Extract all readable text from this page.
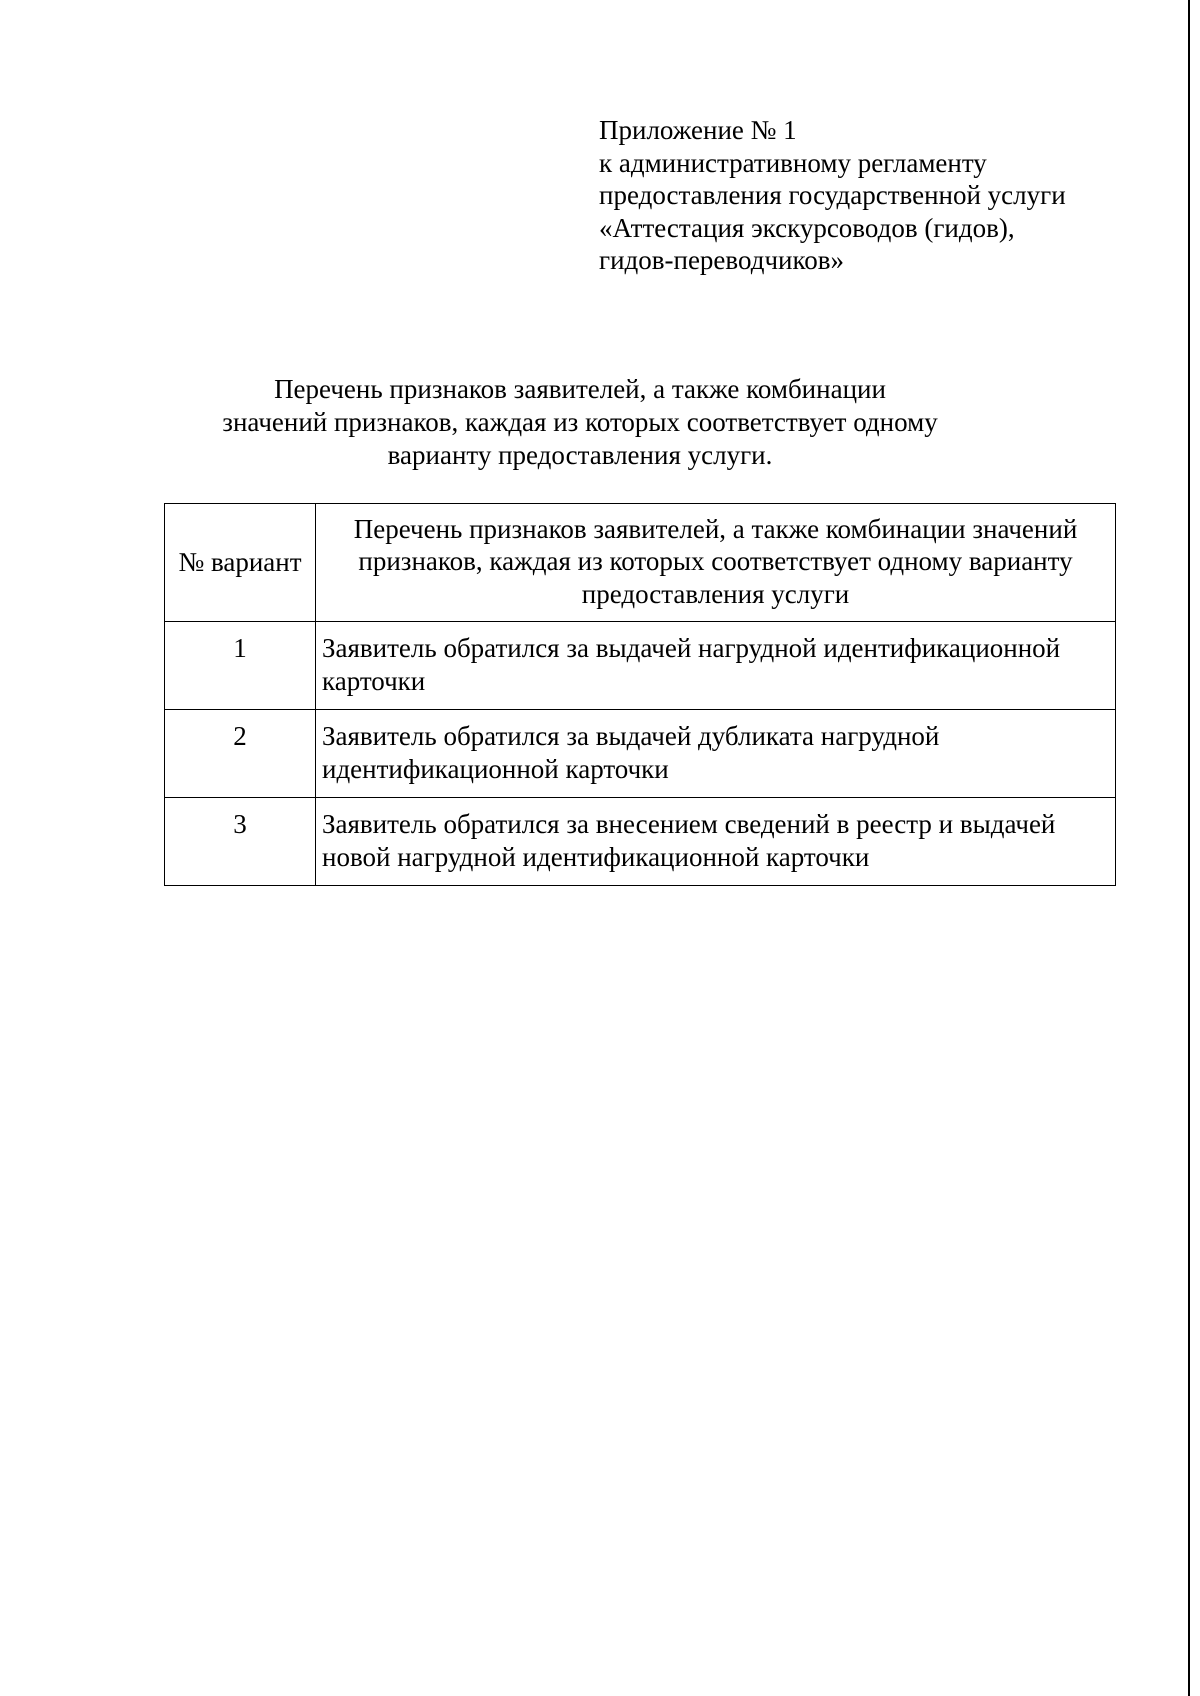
Приложение № 1
к административному регламенту
предоставления государственной услуги
«Аттестация экскурсоводов (гидов),
гидов-переводчиков»
Перечень признаков заявителей, а также комбинации
значений признаков, каждая из которых соответствует одному
варианту предоставления услуги.
№ вариант	Перечень признаков заявителей, а также комбинации значений признаков, каждая из которых соответствует одному варианту предоставления услуги
1	Заявитель обратился за выдачей нагрудной идентификационной карточки
2	Заявитель обратился за выдачей дубликата нагрудной идентификационной карточки
3	Заявитель обратился за внесением сведений в реестр и выдачей новой нагрудной идентификационной карточки
